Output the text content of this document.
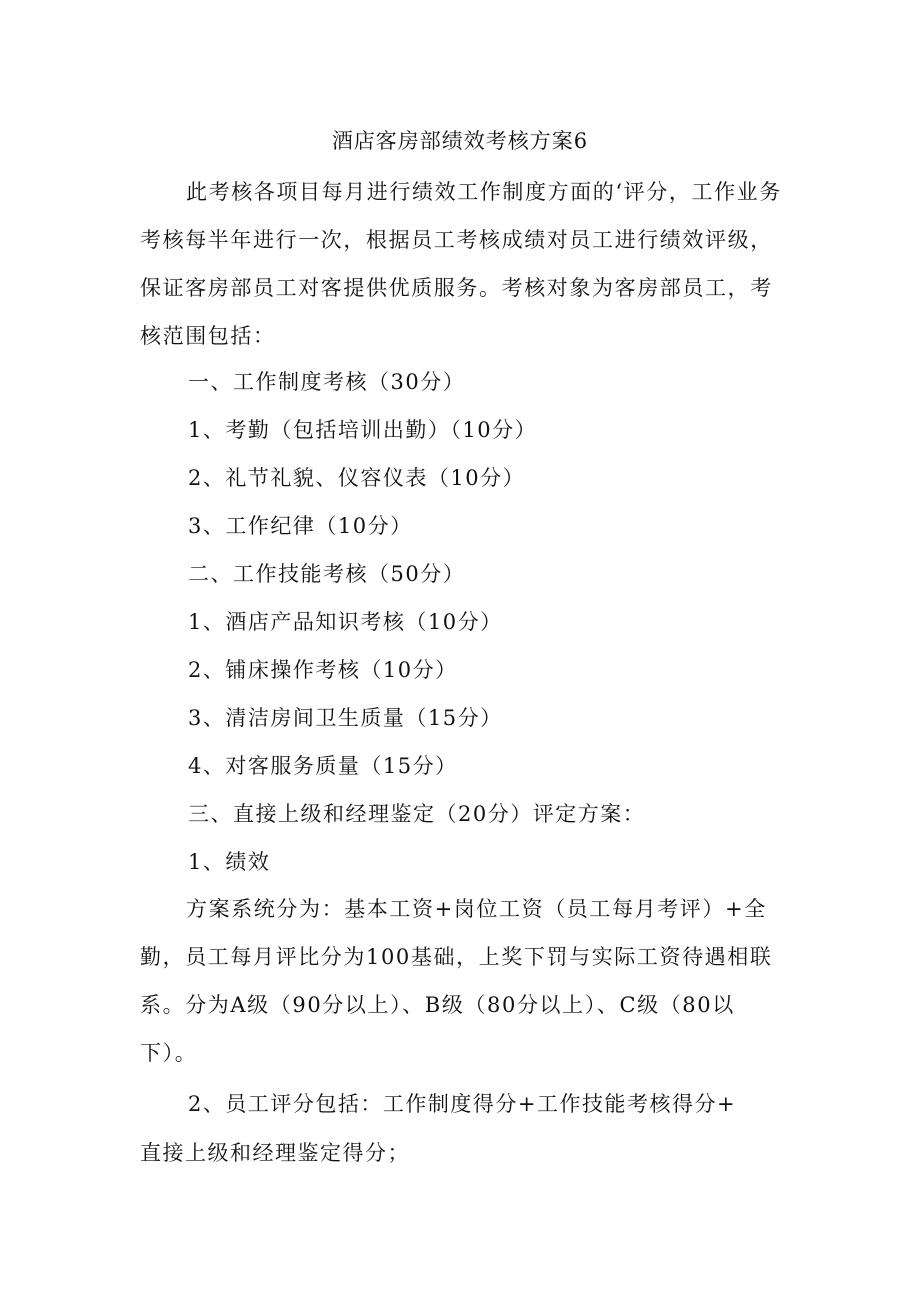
酒店客房部绩效考核方案6

此考核各项目每月进行绩效工作制度方面的‘评分，工作业务考核每半年进行一次，根据员工考核成绩对员工进行绩效评级，保证客房部员工对客提供优质服务。考核对象为客房部员工，考核范围包括：

一、工作制度考核（30分）
1、考勤（包括培训出勤）（10分）
2、礼节礼貌、仪容仪表（10分）
3、工作纪律（10分）
二、工作技能考核（50分）
1、酒店产品知识考核（10分）
2、铺床操作考核（10分）
3、清洁房间卫生质量（15分）
4、对客服务质量（15分）
三、直接上级和经理鉴定（20分）评定方案：
1、绩效

方案系统分为：基本工资+岗位工资（员工每月考评）+全勤，员工每月评比分为100基础，上奖下罚与实际工资待遇相联系。分为A级（90分以上）、B级（80分以上）、C级（80以下）。

2、员工评分包括：工作制度得分+工作技能考核得分+
直接上级和经理鉴定得分；
